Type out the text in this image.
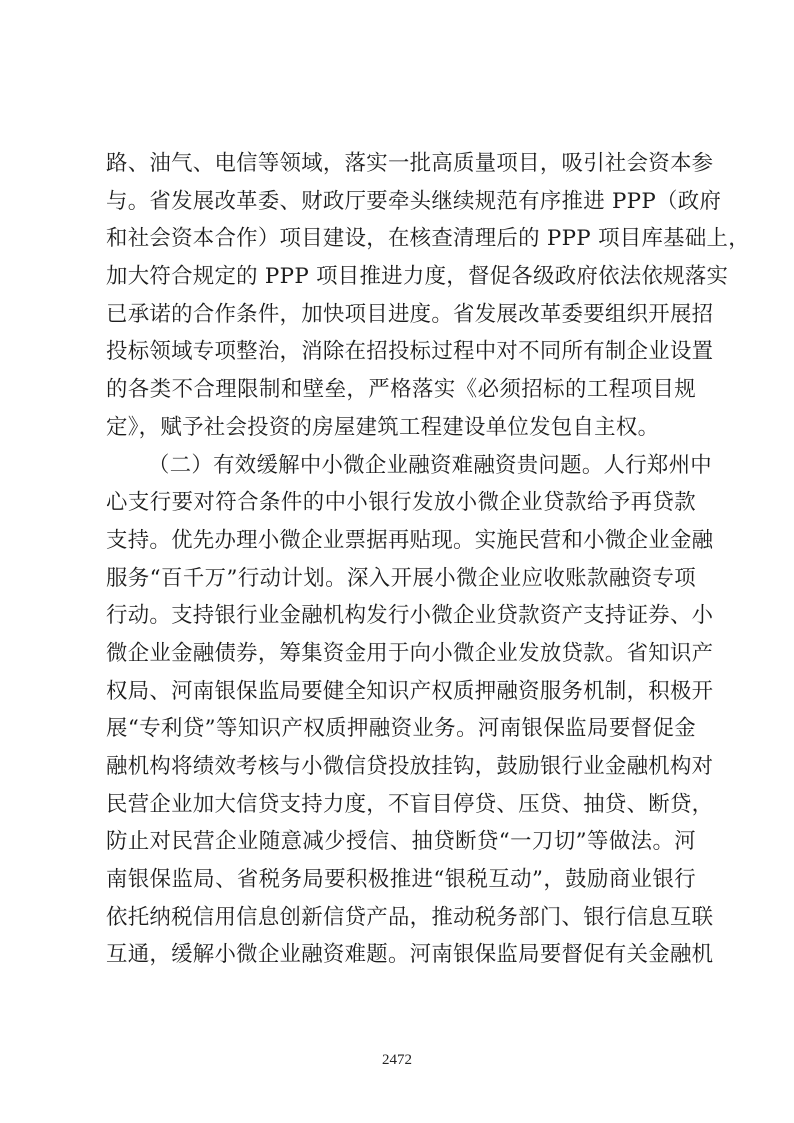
路、油气、电信等领域，落实一批高质量项目，吸引社会资本参
与。省发展改革委、财政厅要牵头继续规范有序推进 PPP（政府
和社会资本合作）项目建设，在核查清理后的 PPP 项目库基础上，
加大符合规定的 PPP 项目推进力度，督促各级政府依法依规落实
已承诺的合作条件，加快项目进度。省发展改革委要组织开展招
投标领域专项整治，消除在招投标过程中对不同所有制企业设置
的各类不合理限制和壁垒，严格落实《必须招标的工程项目规
定》，赋予社会投资的房屋建筑工程建设单位发包自主权。
（二）有效缓解中小微企业融资难融资贵问题。人行郑州中
心支行要对符合条件的中小银行发放小微企业贷款给予再贷款
支持。优先办理小微企业票据再贴现。实施民营和小微企业金融
服务“百千万”行动计划。深入开展小微企业应收账款融资专项
行动。支持银行业金融机构发行小微企业贷款资产支持证券、小
微企业金融债券，筹集资金用于向小微企业发放贷款。省知识产
权局、河南银保监局要健全知识产权质押融资服务机制，积极开
展“专利贷”等知识产权质押融资业务。河南银保监局要督促金
融机构将绩效考核与小微信贷投放挂钩，鼓励银行业金融机构对
民营企业加大信贷支持力度，不盲目停贷、压贷、抽贷、断贷，
防止对民营企业随意减少授信、抽贷断贷“一刀切”等做法。河
南银保监局、省税务局要积极推进“银税互动”，鼓励商业银行
依托纳税信用信息创新信贷产品，推动税务部门、银行信息互联
互通，缓解小微企业融资难题。河南银保监局要督促有关金融机
2472
